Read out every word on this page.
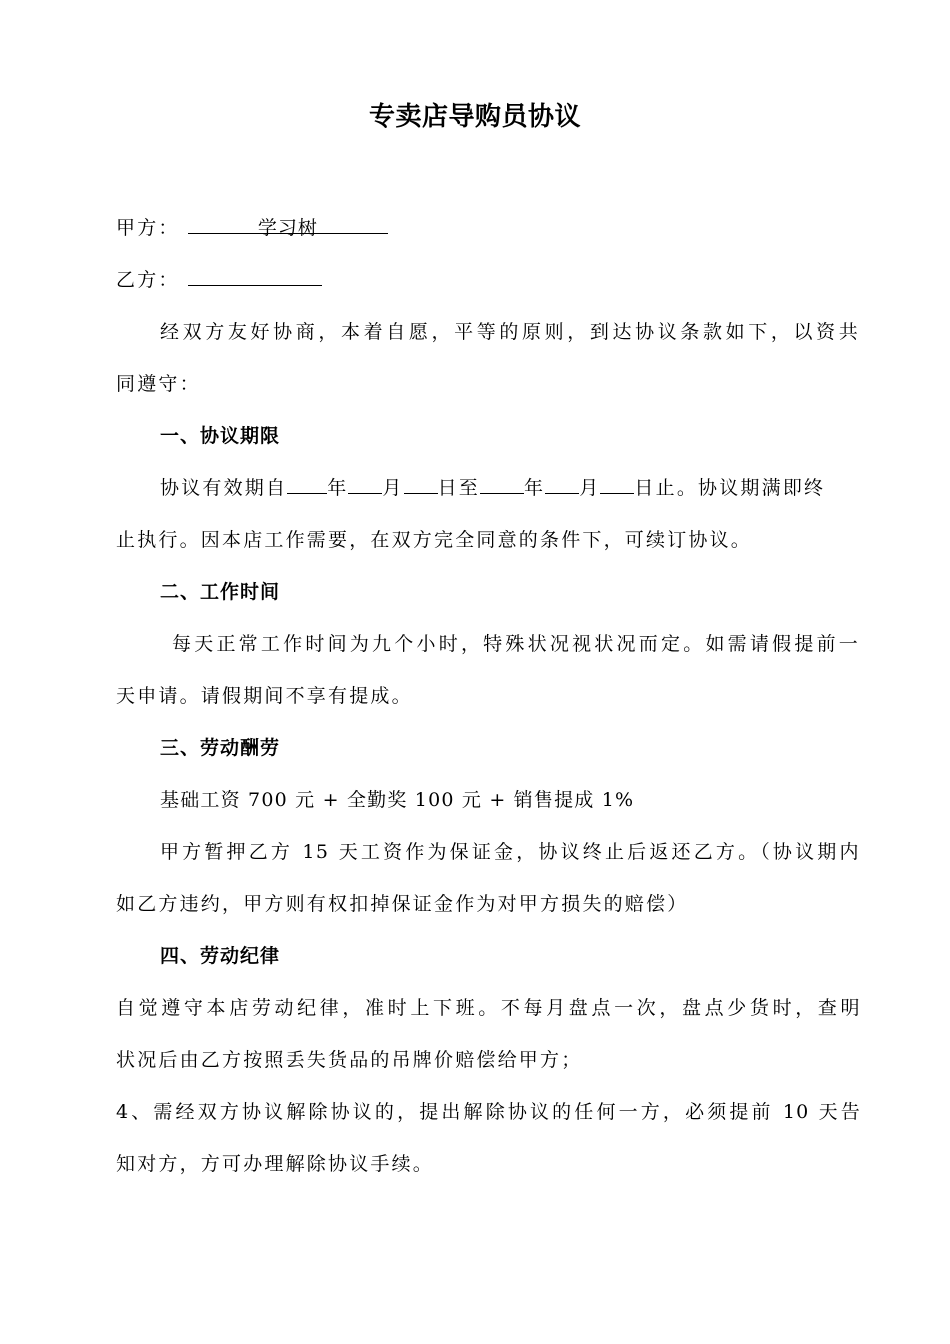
专卖店导购员协议
甲方：	学习树
乙方：
经双方友好协商，本着自愿，平等的原则，到达协议条款如下，以资共
同遵守：
一、协议期限
协议有效期自 年 月 日至 年 月 日止。协议期满即终
止执行。因本店工作需要，在双方完全同意的条件下，可续订协议。
二、工作时间
每天正常工作时间为九个小时，特殊状况视状况而定。如需请假提前一
天申请。请假期间不享有提成。
三、劳动酬劳
基础工资 700 元 + 全勤奖 100 元 + 销售提成 1%
甲方暂押乙方 15 天工资作为保证金，协议终止后返还乙方。（协议期内
如乙方违约，甲方则有权扣掉保证金作为对甲方损失的赔偿）
四、劳动纪律
自觉遵守本店劳动纪律，准时上下班。不每月盘点一次，盘点少货时，查明
状况后由乙方按照丢失货品的吊牌价赔偿给甲方；
4、需经双方协议解除协议的，提出解除协议的任何一方，必须提前 10 天告
知对方，方可办理解除协议手续。
